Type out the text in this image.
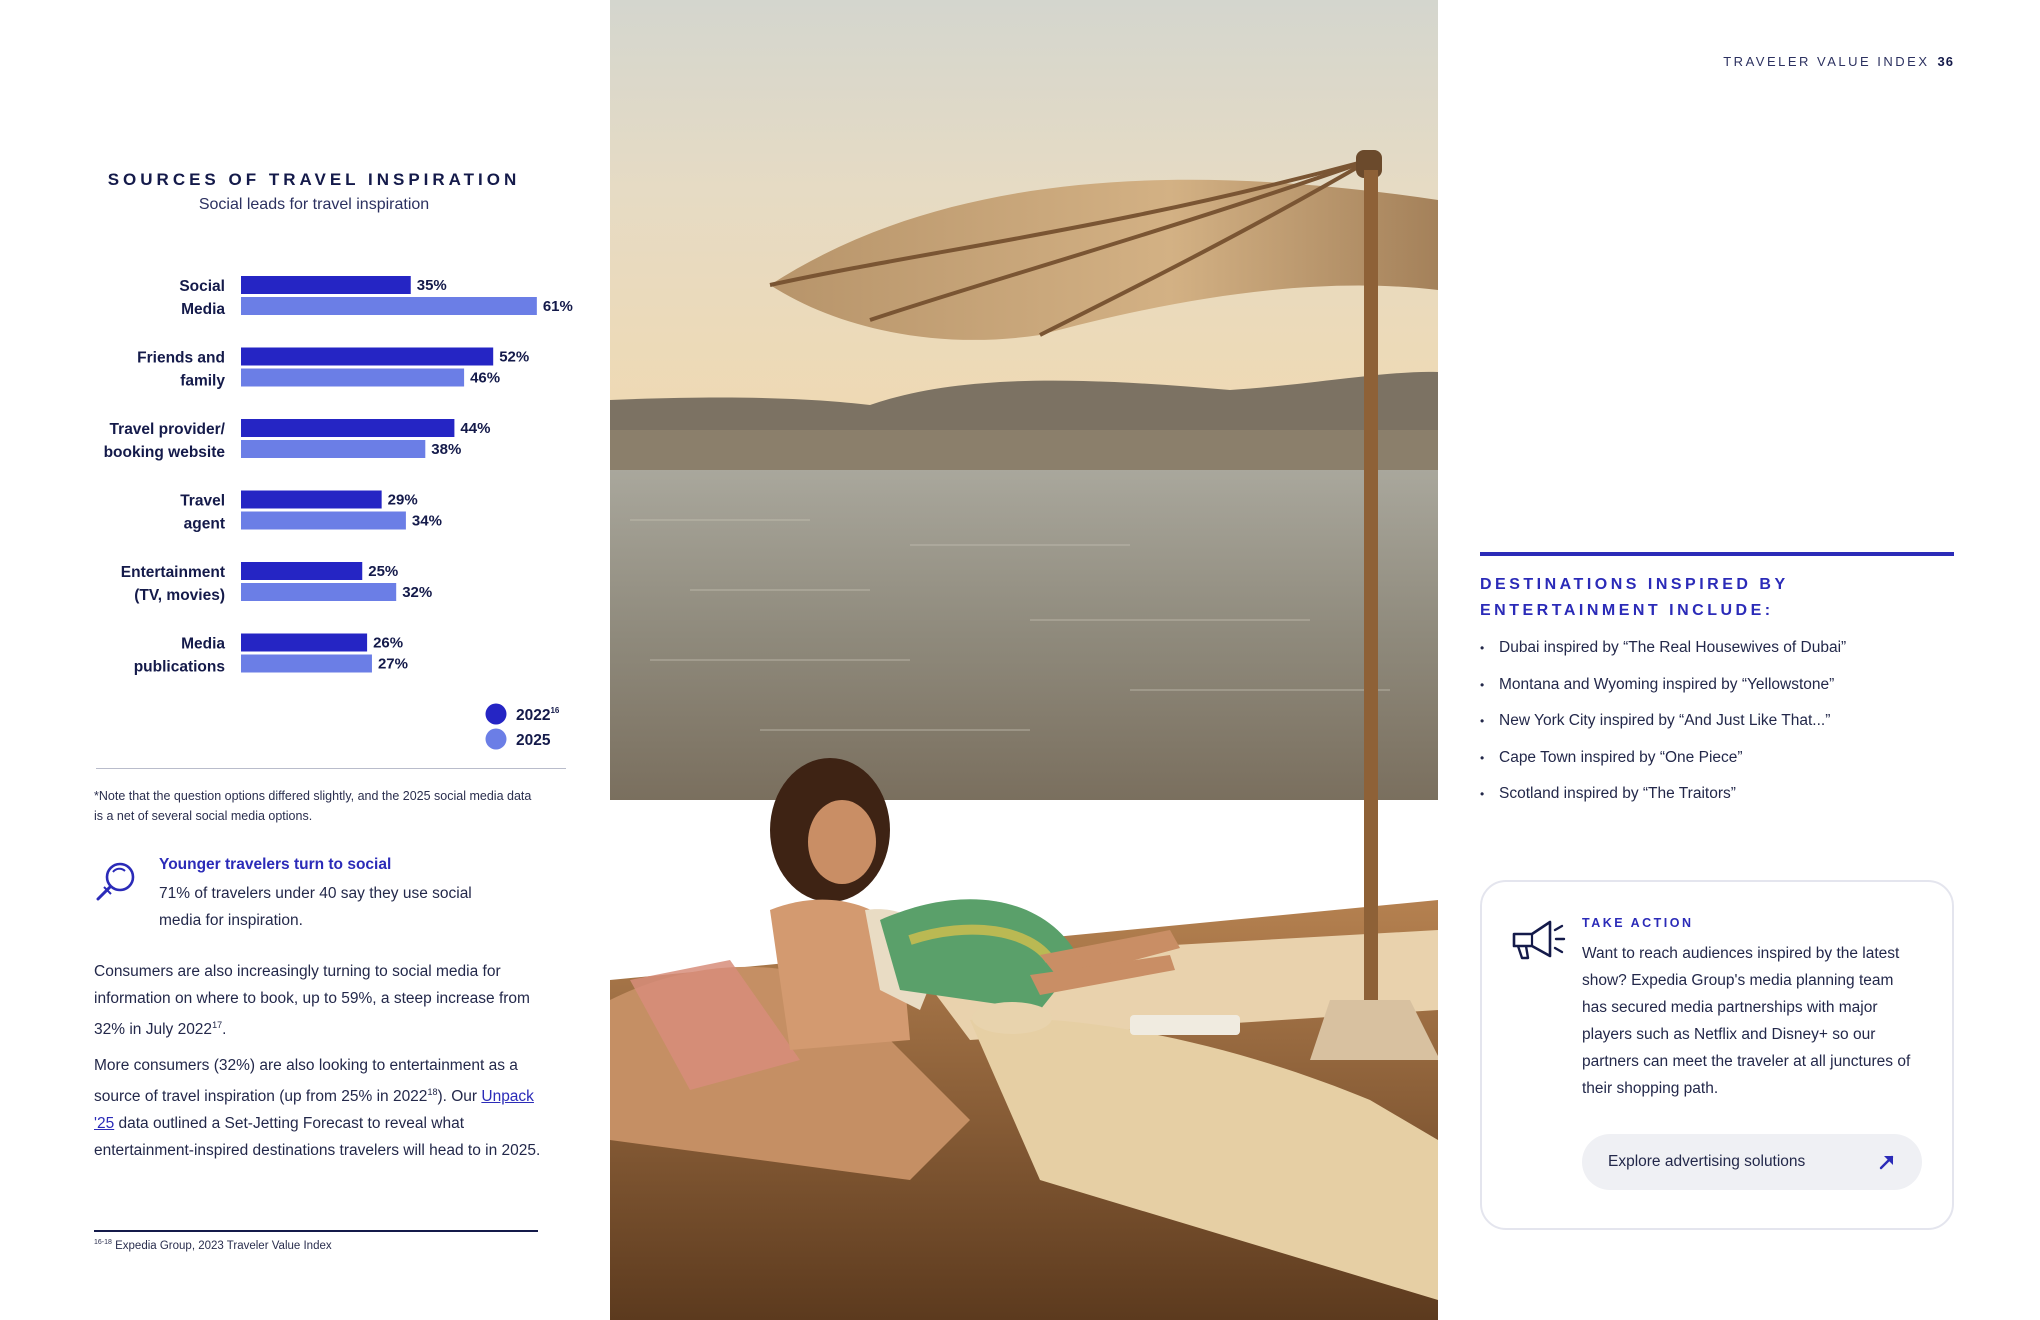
SOURCES OF TRAVEL INSPIRATION
Social leads for travel inspiration
Social
Media
35%
61%
Friends and
family
52%
46%
Travel provider/
booking website
44%
38%
Travel
agent
29%
34%
Entertainment
(TV, movies)
25%
32%
Media
publications
26%
27%
2022$^{16}$
2025
*Note that the question options differed slightly, and the 2025 social media data is a net of several social media options.
Younger travelers turn to social
71% of travelers under 40 say they use social media for inspiration.

Consumers are also increasingly turning to social media for information on where to book, up to 59%, a steep increase from 32% in July 2022$^{17}$.

More consumers (32%) are also looking to entertainment as a source of travel inspiration (up from 25% in 2022$^{18}$). Our Unpack '25 data outlined a Set-Jetting Forecast to reveal what entertainment-inspired destinations travelers will head to in 2025.

$^{16-18}$ Expedia Group, 2023 Traveler Value Index
TRAVELER VALUE INDEX 36
DESTINATIONS INSPIRED BY ENTERTAINMENT INCLUDE:
• Dubai inspired by “The Real Housewives of Dubai”
• Montana and Wyoming inspired by “Yellowstone”
• New York City inspired by “And Just Like That...”
• Cape Town inspired by “One Piece”
• Scotland inspired by “The Traitors”
TAKE ACTION
Want to reach audiences inspired by the latest show? Expedia Group's media planning team has secured media partnerships with major players such as Netflix and Disney+ so our partners can meet the traveler at all junctures of their shopping path.
Explore advertising solutions
